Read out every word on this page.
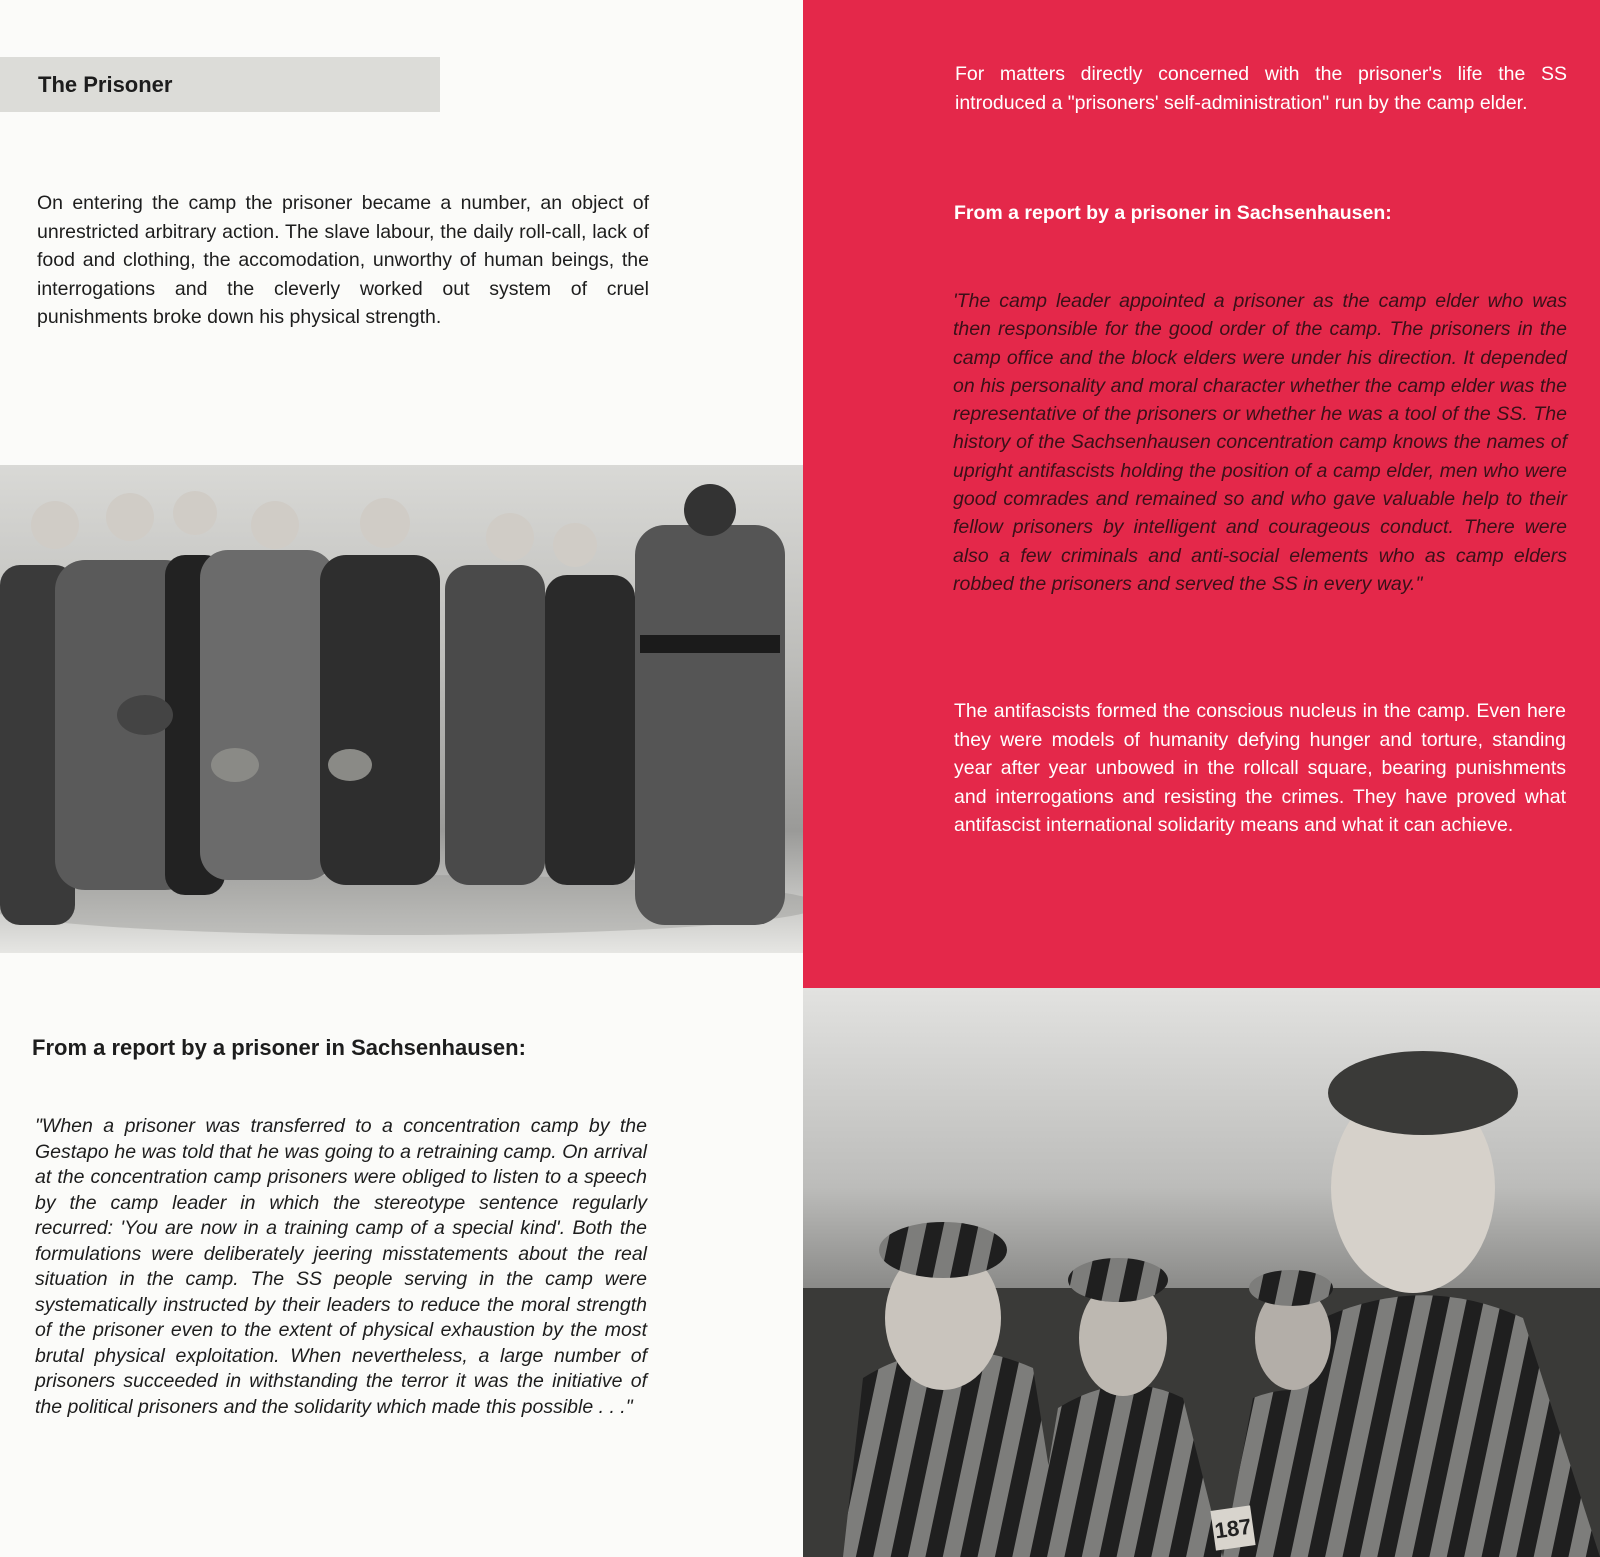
The Prisoner

On entering the camp the prisoner became a number, an object of unrestricted arbitrary action. The slave labour, the daily roll-call, lack of food and clothing, the accomodation, unworthy of human beings, the interrogations and the cleverly worked out system of cruel punishments broke down his physical strength.

From a report by a prisoner in Sachsenhausen:

"When a prisoner was transferred to a concentration camp by the Gestapo he was told that he was going to a retraining camp. On arrival at the concentration camp prisoners were obliged to listen to a speech by the camp leader in which the stereotype sentence regularly recurred: 'You are now in a training camp of a special kind'. Both the formulations were deliberately jeering misstatements about the real situation in the camp. The SS people serving in the camp were systematically instructed by their leaders to reduce the moral strength of the prisoner even to the extent of physical exhaustion by the most brutal physical exploitation. When nevertheless, a large number of prisoners succeeded in withstanding the terror it was the initiative of the political prisoners and the solidarity which made this possible . . ."

For matters directly concerned with the prisoner's life the SS introduced a "prisoners' self-administration" run by the camp elder.

From a report by a prisoner in Sachsenhausen:

'The camp leader appointed a prisoner as the camp elder who was then responsible for the good order of the camp. The prisoners in the camp office and the block elders were under his direction. It depended on his personality and moral character whether the camp elder was the representative of the prisoners or whether he was a tool of the SS. The history of the Sachsenhausen concentration camp knows the names of upright antifascists holding the position of a camp elder, men who were good comrades and remained so and who gave valuable help to their fellow prisoners by intelligent and courageous conduct. There were also a few criminals and anti-social elements who as camp elders robbed the prisoners and served the SS in every way."

The antifascists formed the conscious nucleus in the camp. Even here they were models of humanity defying hunger and torture, standing year after year unbowed in the rollcall square, bearing punishments and interrogations and resisting the crimes. They have proved what antifascist international solidarity means and what it can achieve.

187
